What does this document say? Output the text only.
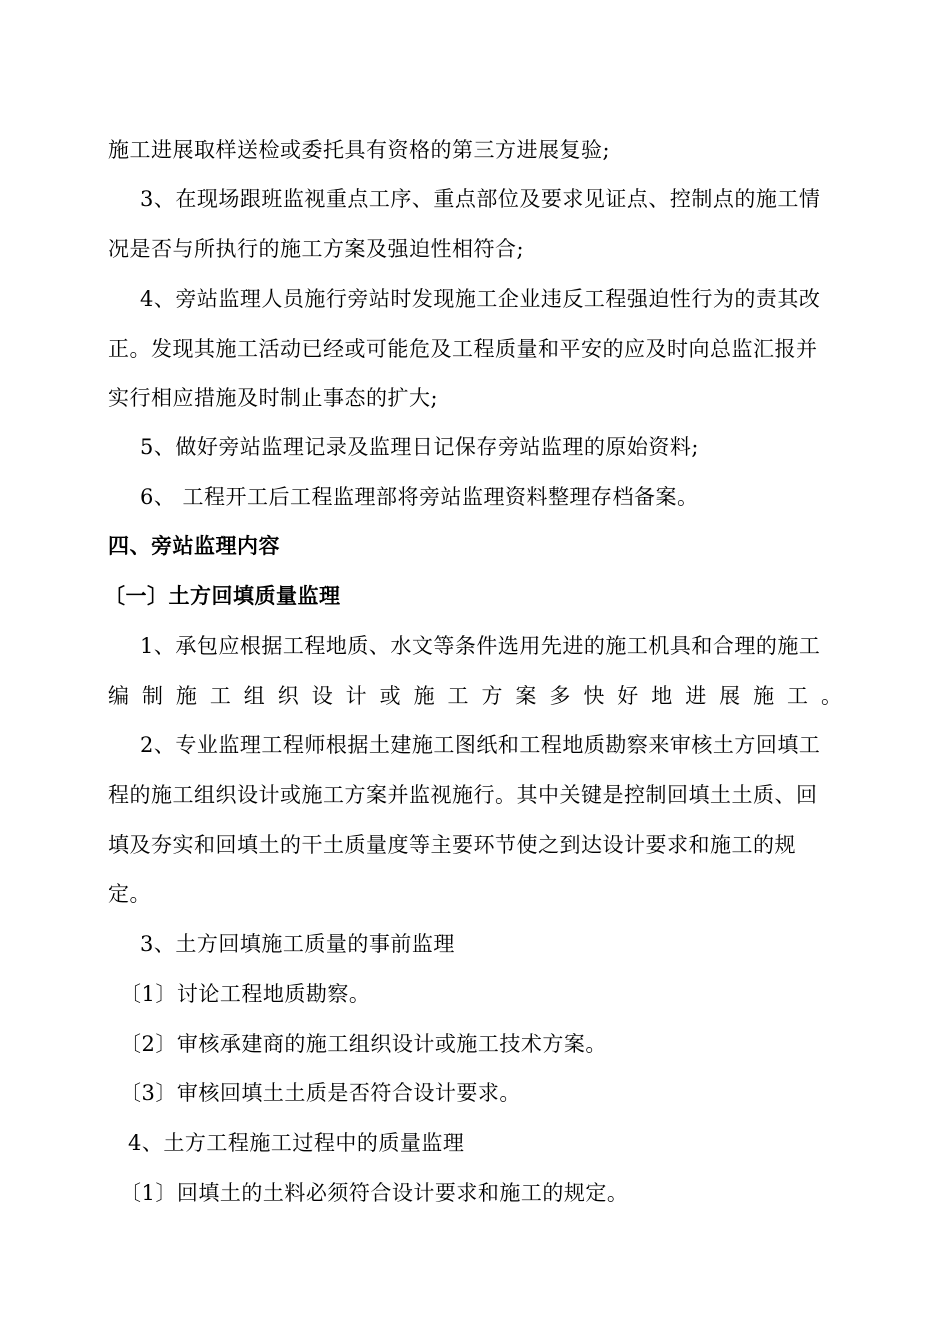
施工进展取样送检或委托具有资格的第三方进展复验;
3、在现场跟班监视重点工序、重点部位及要求见证点、控制点的施工情
况是否与所执行的施工方案及强迫性相符合;
4、旁站监理人员施行旁站时发现施工企业违反工程强迫性行为的责其改
正。发现其施工活动已经或可能危及工程质量和平安的应及时向总监汇报并
实行相应措施及时制止事态的扩大;
5、做好旁站监理记录及监理日记保存旁站监理的原始资料;
6、 工程开工后工程监理部将旁站监理资料整理存档备案。
四、旁站监理内容
〔一〕土方回填质量监理
1、承包应根据工程地质、水文等条件选用先进的施工机具和合理的施工
编制施工组织设计或施工方案多快好地进展施工。
2、专业监理工程师根据土建施工图纸和工程地质勘察来审核土方回填工
程的施工组织设计或施工方案并监视施行。其中关键是控制回填土土质、回
填及夯实和回填土的干土质量度等主要环节使之到达设计要求和施工的规
定。
3、土方回填施工质量的事前监理
〔1〕讨论工程地质勘察。
〔2〕审核承建商的施工组织设计或施工技术方案。
〔3〕审核回填土土质是否符合设计要求。
4、土方工程施工过程中的质量监理
〔1〕回填土的土料必须符合设计要求和施工的规定。
